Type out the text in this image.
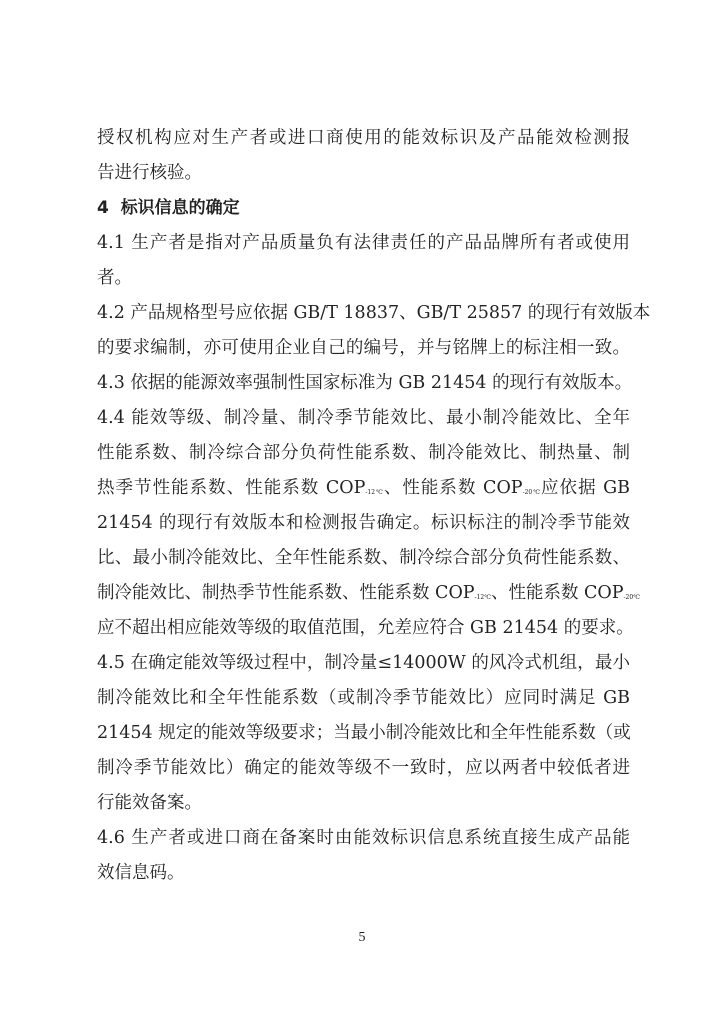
授权机构应对生产者或进口商使用的能效标识及产品能效检测报
告进行核验。
4 标识信息的确定
4.1 生产者是指对产品质量负有法律责任的产品品牌所有者或使用
者。
4.2 产品规格型号应依据 GB/T 18837、GB/T 25857 的现行有效版本
的要求编制，亦可使用企业自己的编号，并与铭牌上的标注相一致。
4.3 依据的能源效率强制性国家标准为 GB 21454 的现行有效版本。
4.4 能效等级、制冷量、制冷季节能效比、最小制冷能效比、全年
性能系数、制冷综合部分负荷性能系数、制冷能效比、制热量、制
热季节性能系数、性能系数 $COP_{-12℃}$、性能系数 $COP_{-20℃}$应依据 GB
21454 的现行有效版本和检测报告确定。标识标注的制冷季节能效
比、最小制冷能效比、全年性能系数、制冷综合部分负荷性能系数、
制冷能效比、制热季节性能系数、性能系数 $COP_{-12℃}$、性能系数 $COP_{-20℃}$
应不超出相应能效等级的取值范围，允差应符合 GB 21454 的要求。
4.5 在确定能效等级过程中，制冷量≤14000W 的风冷式机组，最小
制冷能效比和全年性能系数（或制冷季节能效比）应同时满足 GB
21454 规定的能效等级要求；当最小制冷能效比和全年性能系数（或
制冷季节能效比）确定的能效等级不一致时，应以两者中较低者进
行能效备案。
4.6 生产者或进口商在备案时由能效标识信息系统直接生成产品能
效信息码。
5
